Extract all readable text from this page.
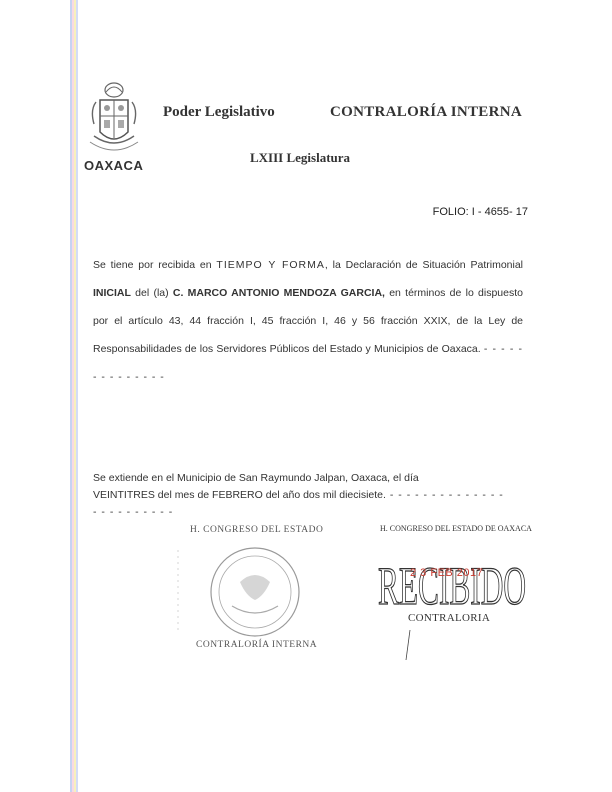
OAXACA
Poder Legislativo	CONTRALORÍA INTERNA
LXIII Legislatura
FOLIO: I - 4655- 17
Se tiene por recibida en TIEMPO Y FORMA, la Declaración de Situación Patrimonial INICIAL del (la) C. MARCO ANTONIO MENDOZA GARCIA, en términos de lo dispuesto por el artículo 43, 44 fracción I, 45 fracción I, 46 y 56 fracción XXIX, de la Ley de Responsabilidades de los Servidores Públicos del Estado y Municipios de Oaxaca. - - - - - - - - - - - - - -
Se extiende en el Municipio de San Raymundo Jalpan, Oaxaca, el día
VEINTITRES del mes de FEBRERO del año dos mil diecisiete. - - - - - - - - - - - - - -
- - - - - - - - - -
H. CONGRESO DEL ESTADO
CONTRALORÍA INTERNA
RECIBIDO
H. CONGRESO DEL ESTADO DE OAXACA
2 3 FEB 2017
CONTRALORIA
